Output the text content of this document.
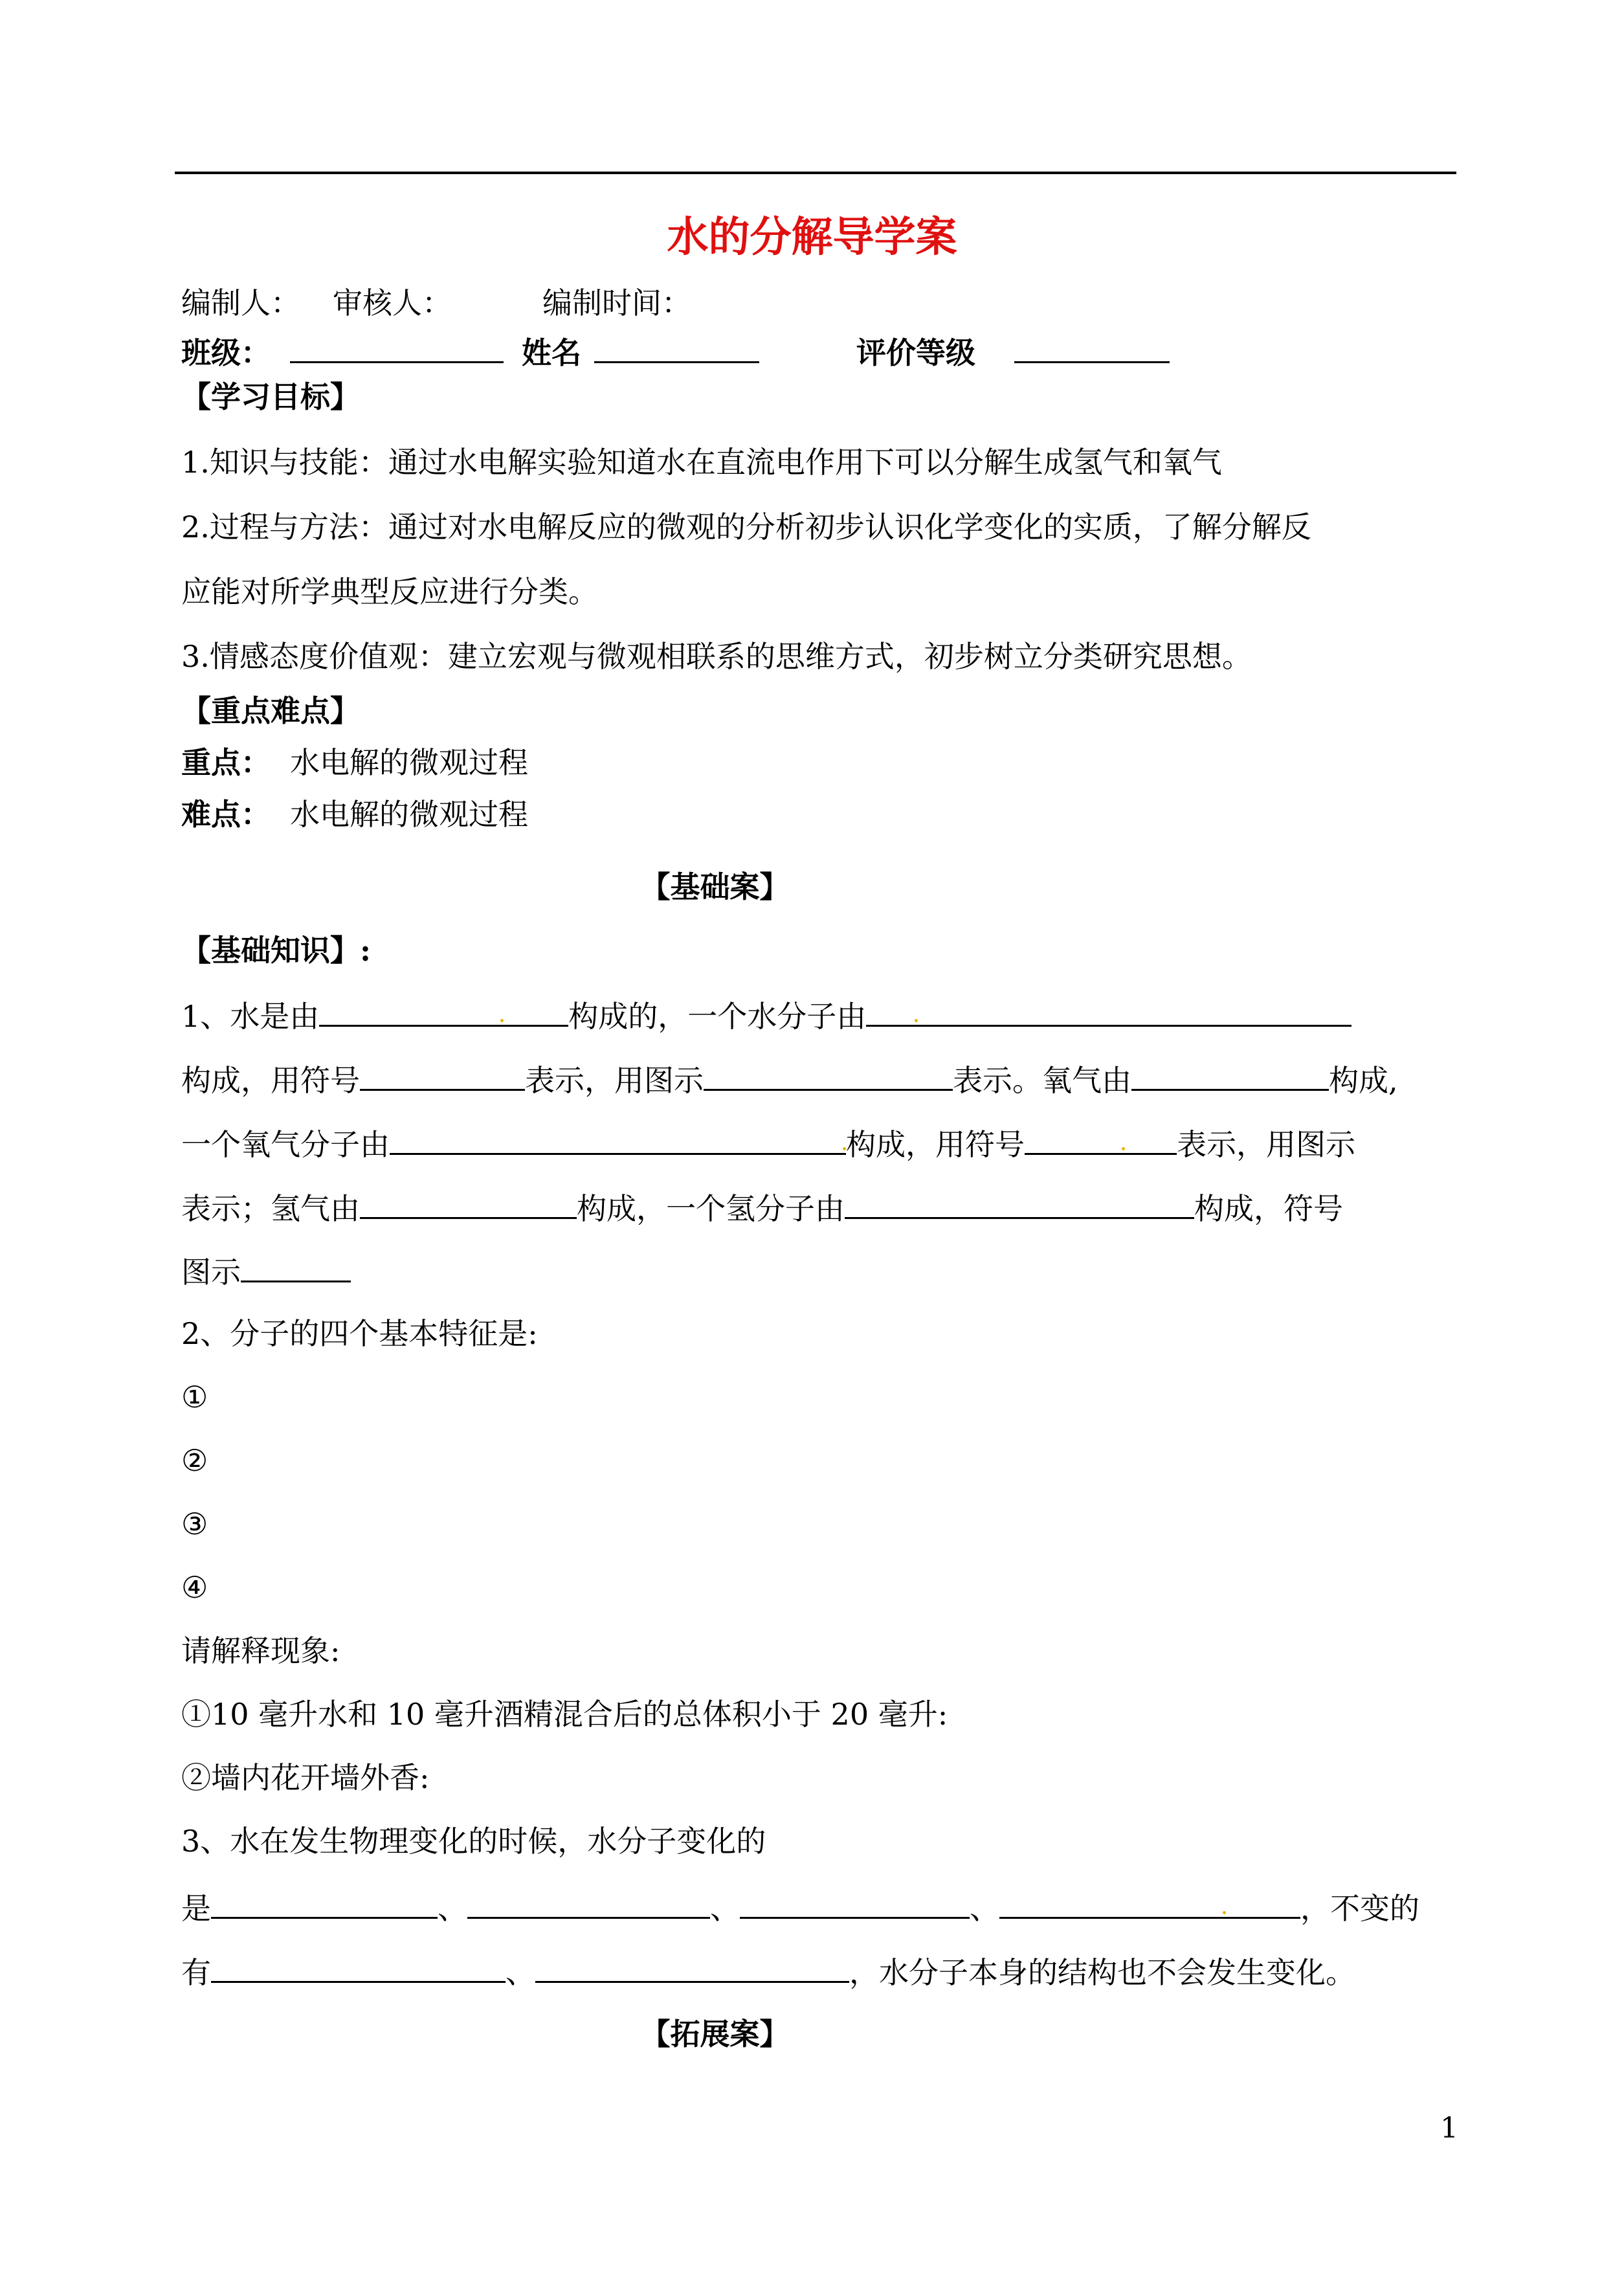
水的分解导学案
编制人： 审核人：	编制时间：
班级：	姓名	评价等级
【学习目标】
1.知识与技能：通过水电解实验知道水在直流电作用下可以分解生成氢气和氧气
2.过程与方法：通过对水电解反应的微观的分析初步认识化学变化的实质，了解分解反
应能对所学典型反应进行分类。
3.情感态度价值观：建立宏观与微观相联系的思维方式，初步树立分类研究思想。
【重点难点】
重点： 水电解的微观过程
难点： 水电解的微观过程
【基础案】
【基础知识】:
1、水是由	构成的，一个水分子由
构成，用符号	表示，用图示	表示。氧气由	构成,
一个氧气分子由	构成，用符号	表示，用图示
表示；氢气由	构成，一个氢分子由	构成，符号
图示
2、分子的四个基本特征是:
①
②
③
④
请解释现象:
①10 毫升水和 10 毫升酒精混合后的总体积小于 20 毫升:
②墙内花开墙外香:
3、水在发生物理变化的时候，水分子变化的
是	、	、	、	，不变的
有	、	，水分子本身的结构也不会发生变化。
【拓展案】
1
